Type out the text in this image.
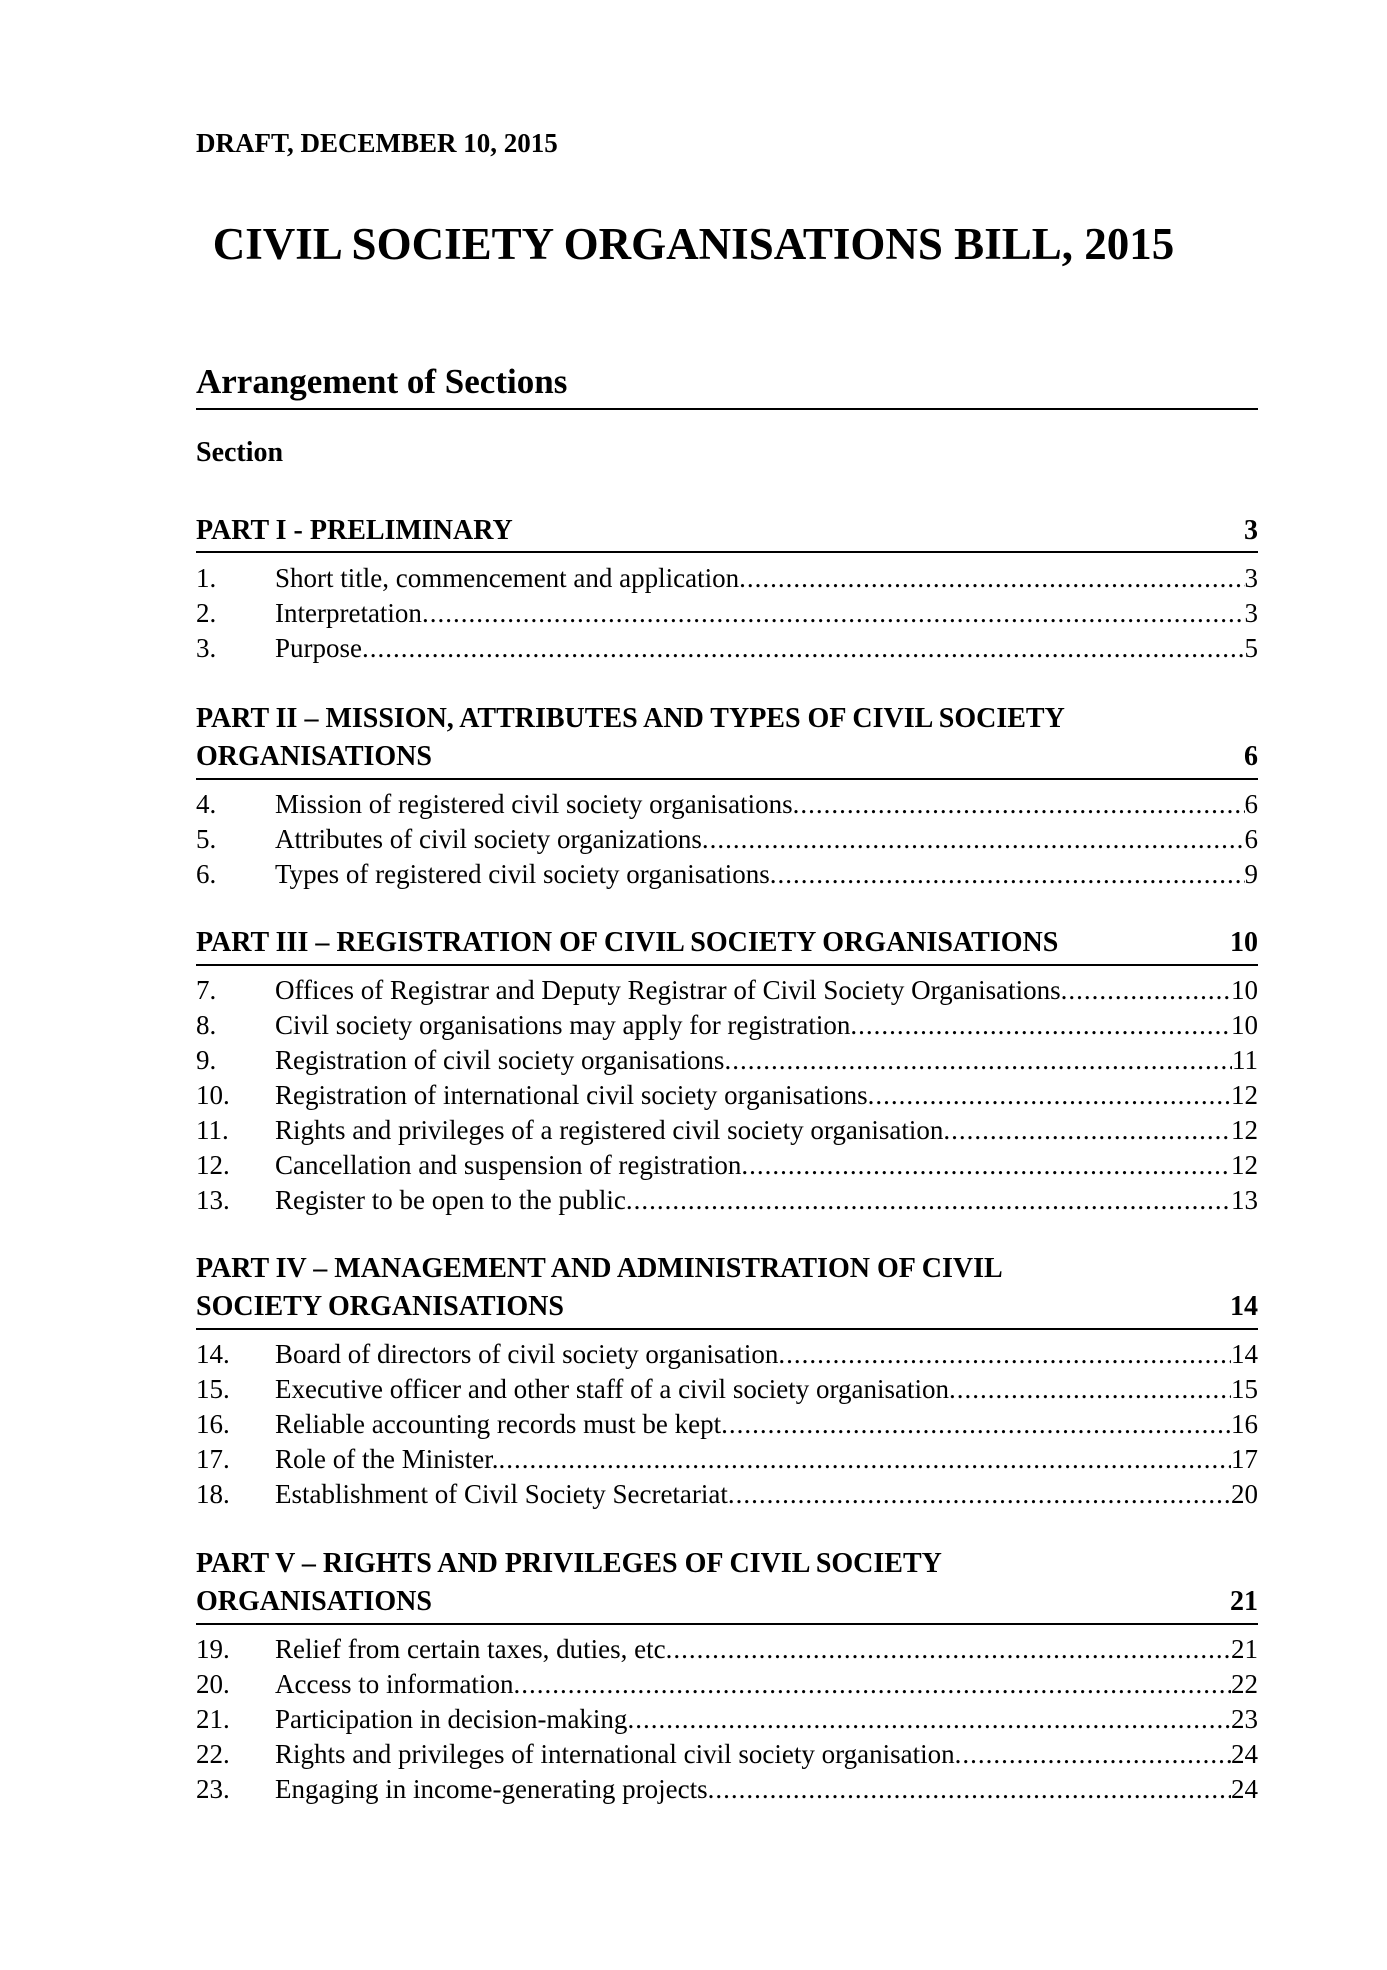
DRAFT, DECEMBER 10, 2015
CIVIL SOCIETY ORGANISATIONS BILL, 2015
Arrangement of Sections
Section
PART I - PRELIMINARY	3
1. Short title, commencement and application .....	3
2. Interpretation .....	3
3. Purpose .....	5
PART II – MISSION, ATTRIBUTES AND TYPES OF CIVIL SOCIETY
ORGANISATIONS	6
4. Mission of registered civil society organisations .....	6
5. Attributes of civil society organizations .....	6
6. Types of registered civil society organisations .....	9
PART III – REGISTRATION OF CIVIL SOCIETY ORGANISATIONS	10
7. Offices of Registrar and Deputy Registrar of Civil Society Organisations .....	10
8. Civil society organisations may apply for registration .....	10
9. Registration of civil society organisations .....	11
10. Registration of international civil society organisations .....	12
11. Rights and privileges of a registered civil society organisation .....	12
12. Cancellation and suspension of registration .....	12
13. Register to be open to the public .....	13
PART IV – MANAGEMENT AND ADMINISTRATION OF CIVIL
SOCIETY ORGANISATIONS	14
14. Board of directors of civil society organisation .....	14
15. Executive officer and other staff of a civil society organisation .....	15
16. Reliable accounting records must be kept .....	16
17. Role of the Minister. .....	17
18. Establishment of Civil Society Secretariat .....	20
PART V – RIGHTS AND PRIVILEGES OF CIVIL SOCIETY
ORGANISATIONS	21
19. Relief from certain taxes, duties, etc .....	21
20. Access to information .....	22
21. Participation in decision-making .....	23
22. Rights and privileges of international civil society organisation .....	24
23. Engaging in income-generating projects .....	24
